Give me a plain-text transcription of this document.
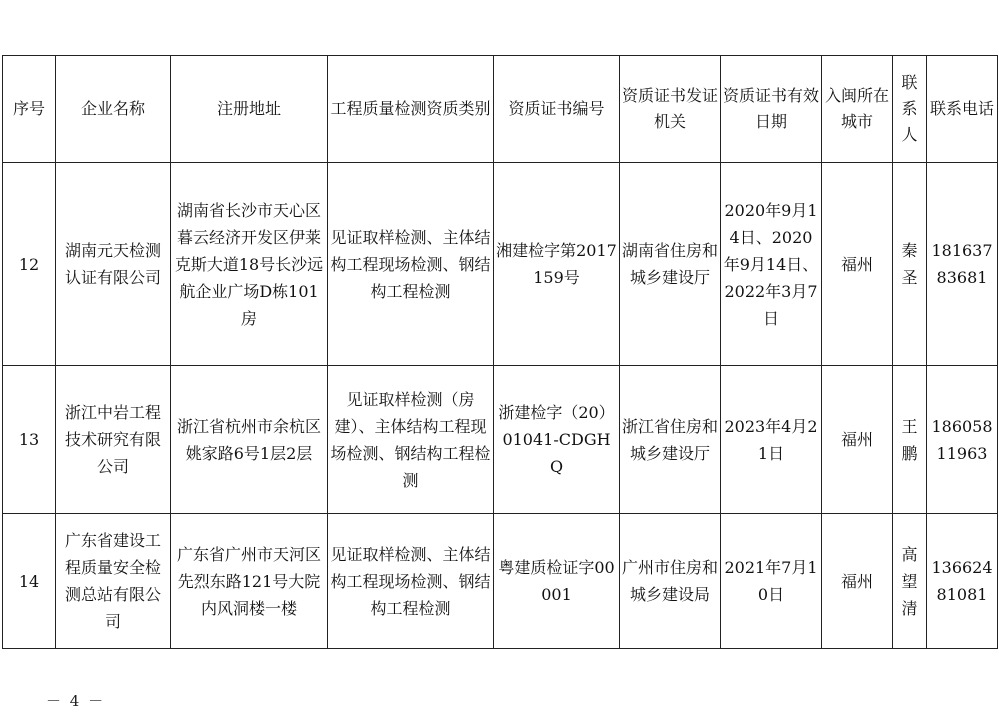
序号	企业名称	注册地址	工程质量检测资质类别	资质证书编号	资质证书发证机关	资质证书有效日期	入闽所在城市	联系人	联系电话
12	湖南元天检测认证有限公司	湖南省长沙市天心区暮云经济开发区伊莱克斯大道18号长沙远航企业广场D栋101房	见证取样检测、主体结构工程现场检测、钢结构工程检测	湘建检字第2017159号	湖南省住房和城乡建设厅	2020年9月14日、2020年9月14日、2022年3月7日	福州	秦圣	18163783681
13	浙江中岩工程技术研究有限公司	浙江省杭州市余杭区姚家路6号1层2层	见证取样检测（房建）、主体结构工程现场检测、钢结构工程检测	浙建检字（20）01041-CDGHQ	浙江省住房和城乡建设厅	2023年4月21日	福州	王鹏	18605811963
14	广东省建设工程质量安全检测总站有限公司	广东省广州市天河区先烈东路121号大院内风洞楼一楼	见证取样检测、主体结构工程现场检测、钢结构工程检测	粤建质检证字00001	广州市住房和城乡建设局	2021年7月10日	福州	高望清	13662481081
－ 4 －
